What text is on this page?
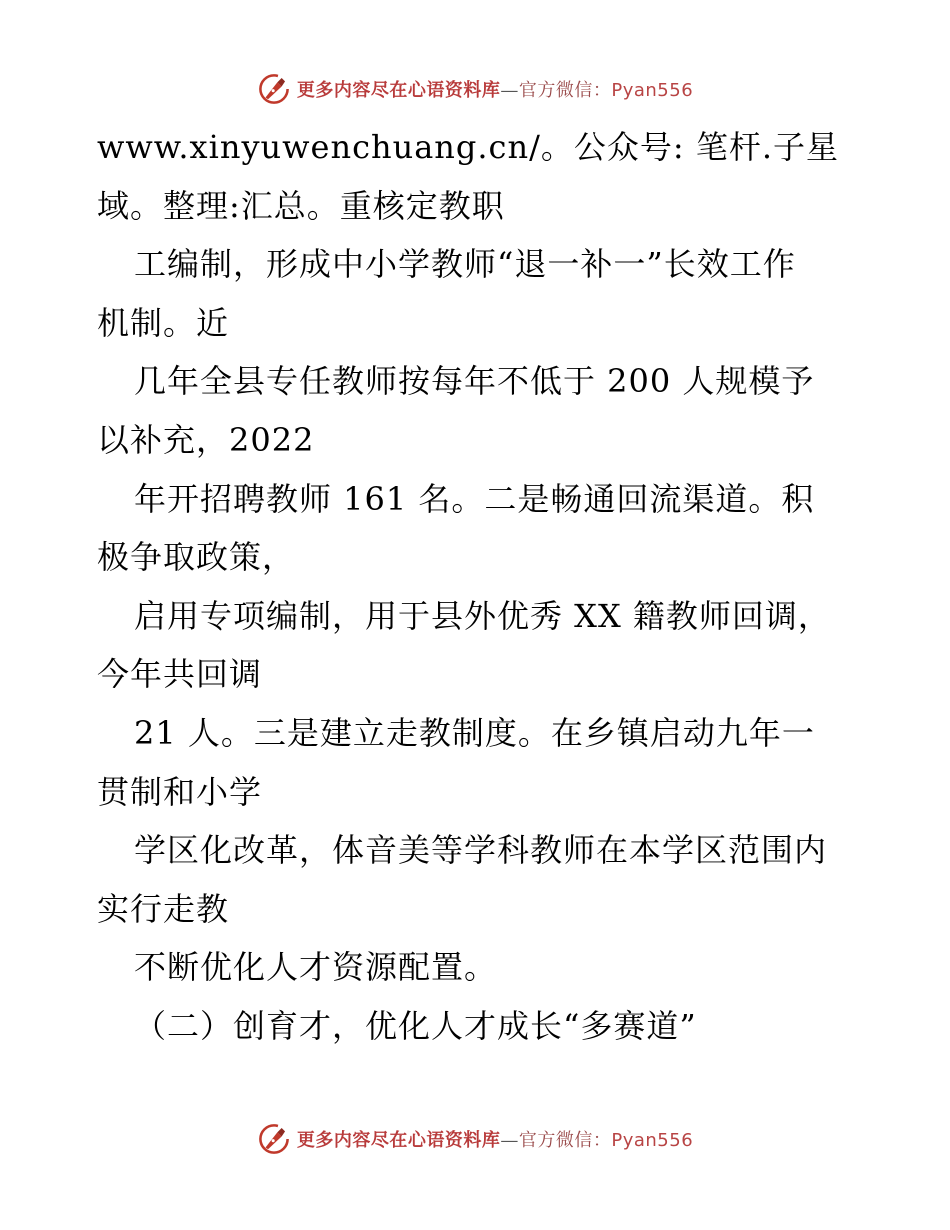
更多内容尽在心语资料库—官方微信：Pyan556
www.xinyuwenchuang.cn/。公众号: 笔杆.子星
域。整理:汇总。重核定教职
工编制，形成中小学教师“退一补一”长效工作
机制。近
几年全县专任教师按每年不低于 200 人规模予
以补充，2022
年开招聘教师 161 名。二是畅通回流渠道。积
极争取政策，
启用专项编制，用于县外优秀 XX 籍教师回调，
今年共回调
21 人。三是建立走教制度。在乡镇启动九年一
贯制和小学
学区化改革，体音美等学科教师在本学区范围内
实行走教
不断优化人才资源配置。
（二）创育才，优化人才成长“多赛道”
更多内容尽在心语资料库—官方微信：Pyan556
